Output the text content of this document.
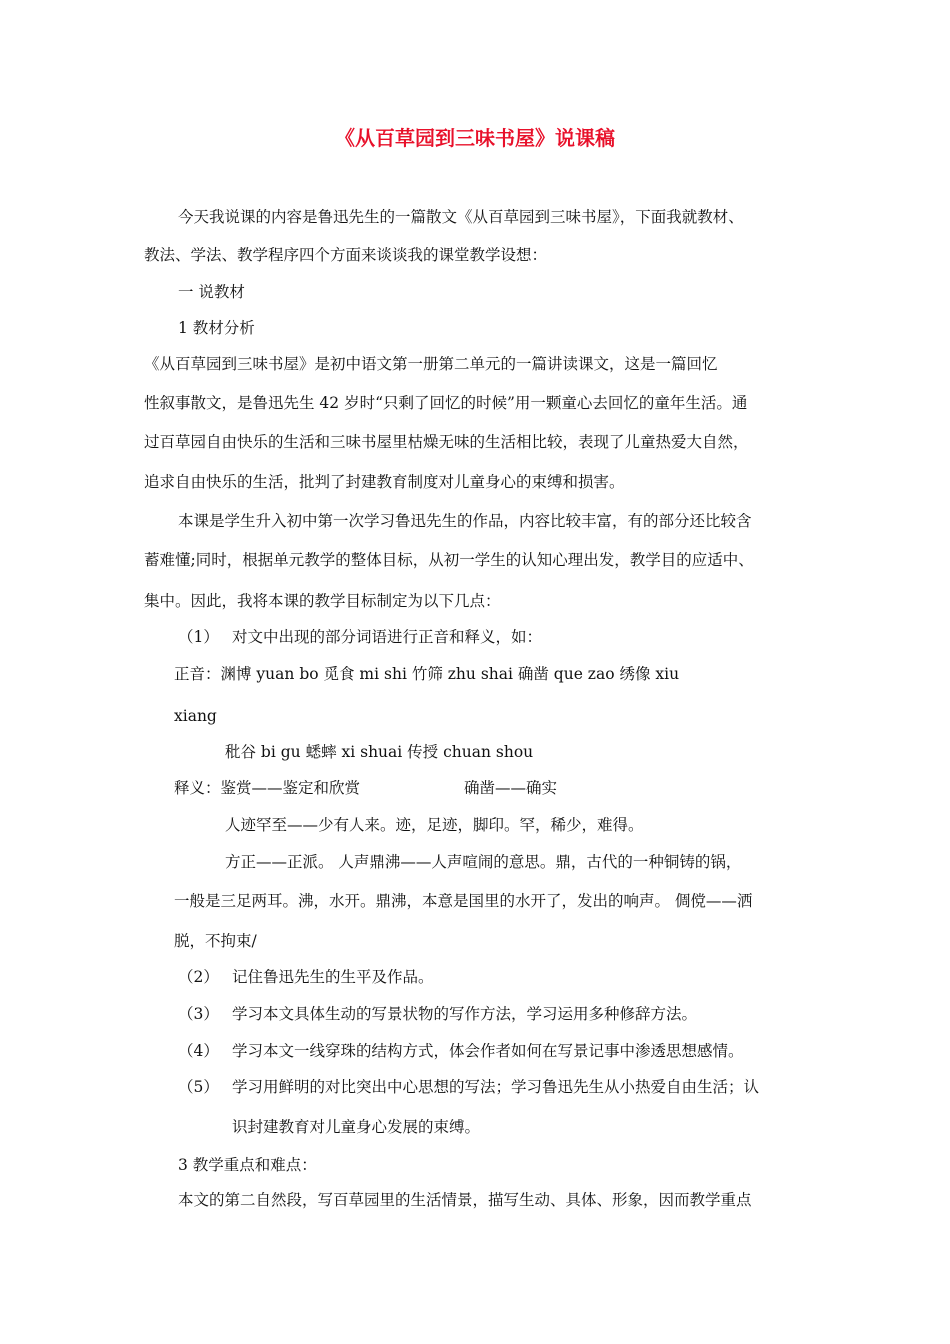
《从百草园到三味书屋》说课稿
今天我说课的内容是鲁迅先生的一篇散文《从百草园到三味书屋》，下面我就教材、
教法、学法、教学程序四个方面来谈谈我的课堂教学设想：
一 说教材
1 教材分析
《从百草园到三味书屋》是初中语文第一册第二单元的一篇讲读课文，这是一篇回忆
性叙事散文，是鲁迅先生 42 岁时“只剩了回忆的时候”用一颗童心去回忆的童年生活。通
过百草园自由快乐的生活和三味书屋里枯燥无味的生活相比较，表现了儿童热爱大自然，
追求自由快乐的生活，批判了封建教育制度对儿童身心的束缚和损害。
本课是学生升入初中第一次学习鲁迅先生的作品，内容比较丰富，有的部分还比较含
蓄难懂;同时，根据单元教学的整体目标，从初一学生的认知心理出发，教学目的应适中、
集中。因此，我将本课的教学目标制定为以下几点：
（1） 对文中出现的部分词语进行正音和释义，如：
正音：渊博 yuan bo 觅食 mi shi 竹筛 zhu shai 确凿 que zao 绣像 xiu
xiang
秕谷 bi gu 蟋蟀 xi shuai 传授 chuan shou
释义：鉴赏——鉴定和欣赏	确凿——确实
人迹罕至——少有人来。迹，足迹，脚印。罕，稀少，难得。
方正——正派。 人声鼎沸——人声喧闹的意思。鼎，古代的一种铜铸的锅，
一般是三足两耳。沸，水开。鼎沸，本意是国里的水开了，发出的响声。 倜傥——洒
脱，不拘束/
（2） 记住鲁迅先生的生平及作品。
（3） 学习本文具体生动的写景状物的写作方法，学习运用多种修辞方法。
（4） 学习本文一线穿珠的结构方式，体会作者如何在写景记事中渗透思想感情。
（5） 学习用鲜明的对比突出中心思想的写法；学习鲁迅先生从小热爱自由生活；认
识封建教育对儿童身心发展的束缚。
3 教学重点和难点：
本文的第二自然段，写百草园里的生活情景，描写生动、具体、形象，因而教学重点
